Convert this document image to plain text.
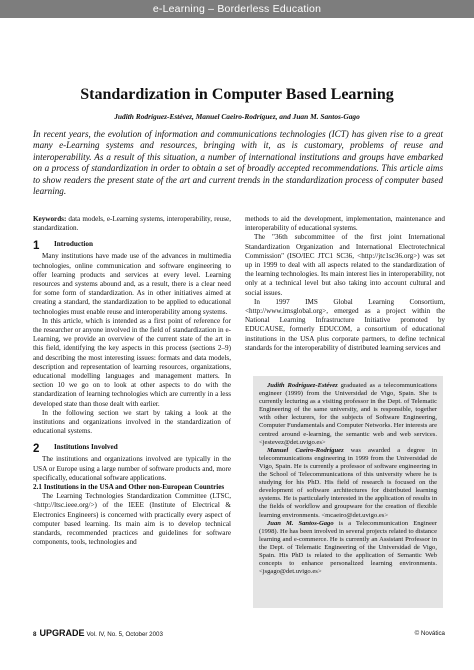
e-Learning – Borderless Education
Standardization in Computer Based Learning
Judith Rodríguez-Estévez, Manuel Caeiro-Rodríguez, and Juan M. Santos-Gago
In recent years, the evolution of information and communications technologies (ICT) has given rise to a great many e-Learning systems and resources, bringing with it, as is customary, problems of reuse and interoperability. As a result of this situation, a number of international institutions and groups have embarked on a process of standardization in order to obtain a set of broadly accepted recommendations. This article aims to show readers the present state of the art and current trends in the standardization process of computer based learning.

Keywords: data models, e-Learning systems, interoperability, reuse, standardization.

1	Introduction

Many institutions have made use of the advances in multimedia technologies, online communication and software engineering to offer learning products and services at every level. Learning resources and systems abound and, as a result, there is a clear need for some form of standardization. As in other initiatives aimed at creating a standard, the standardization to be applied to educational technologies must enable reuse and interoperability among systems.

In this article, which is intended as a first point of reference for the researcher or anyone involved in the field of standardization in e-Learning, we provide an overview of the current state of the art in this field, identifying the key aspects in this process (sections 2–9) and describing the most interesting issues: formats and data models, description and representation of learning resources, organizations, educational modelling languages and management matters. In section 10 we go on to look at other aspects to do with the standardization of learning technologies which are currently in a less developed state than those dealt with earlier.

In the following section we start by taking a look at the institutions and organizations involved in the standardization of educational systems.

2	Institutions Involved

The institutions and organizations involved are typically in the USA or Europe using a large number of software products and, more specifically, educational software applications.

2.1 Institutions in the USA and Other non-European Countries

The Learning Technologies Standardization Committee (LTSC, <http://ltsc.ieee.org/>) of the IEEE (Institute of Electrical & Electronics Engineers) is concerned with practically every aspect of computer based learning. Its main aim is to develop technical standards, recommended practices and guidelines for software components, tools, technologies and

methods to aid the development, implementation, maintenance and interoperability of educational systems.

The "36th subcommittee of the first joint International Standardization Organization and International Electrotechnical Commission" (ISO/IEC JTC1 SC36, <http://jtc1sc36.org>) was set up in 1999 to deal with all aspects related to the standardization of the learning technologies. Its main interest lies in interoperability, not only at a technical level but also taking into account cultural and social issues.

In 1997 IMS Global Learning Consortium, <http://www.imsglobal.org>, emerged as a project within the National Learning Infrastructure Initiative promoted by EDUCAUSE, formerly EDUCOM, a consortium of educational institutions in the USA plus corporate partners, to define technical standards for the interoperability of distributed learning services and

Judith Rodríguez-Estévez graduated as a telecommunications engineer (1999) from the Universidad de Vigo, Spain. She is currently lecturing as a visiting professor in the Dept. of Telematic Engineering of the same university, and is responsible, together with other lecturers, for the subjects of Software Engineering, Computer Fundamentals and Computer Networks. Her interests are centred around e-learning, the semantic web and web services. <jestevez@det.uvigo.es>

Manuel Caeiro-Rodríguez was awarded a degree in telecommunications engineering in 1999 from the Universidad de Vigo, Spain. He is currently a professor of software engineering in the School of Telecommunications of this university where he is studying for his PhD. His field of research is focused on the development of software architectures for distributed learning systems. He is particularly interested in the application of results in the fields of workflow and groupware for the creation of flexible learning environments. <mcaeiro@det.uvigo.es>

Juan M. Santos-Gago is a Telecommunication Engineer (1998). He has been involved in several projects related to distance learning and e-commerce. He is currently an Assistant Professor in the Dept. of Telematic Engineering of the Universidad de Vigo, Spain. His PhD is related to the application of Semantic Web concepts to enhance personalized learning environments. <jsgago@det.uvigo.es>

8 UPGRADE Vol. IV, No. 5, October 2003	© Novática
